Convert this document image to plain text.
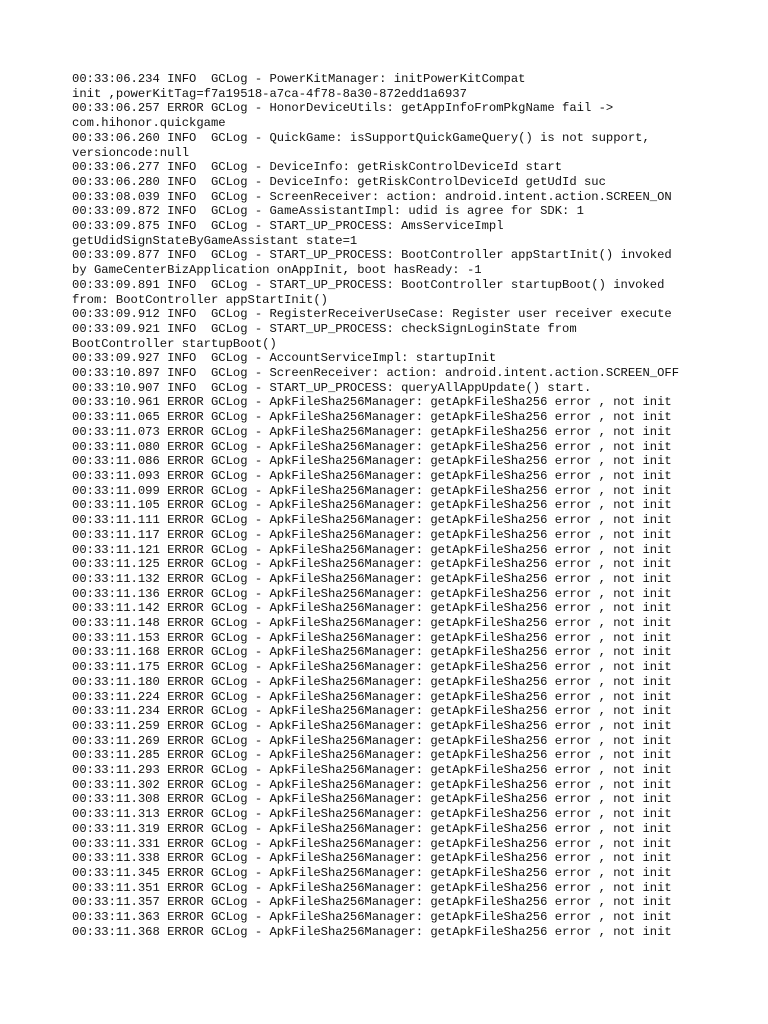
00:33:06.234 INFO  GCLog - PowerKitManager: initPowerKitCompat
init ,powerKitTag=f7a19518-a7ca-4f78-8a30-872edd1a6937
00:33:06.257 ERROR GCLog - HonorDeviceUtils: getAppInfoFromPkgName fail ->
com.hihonor.quickgame
00:33:06.260 INFO  GCLog - QuickGame: isSupportQuickGameQuery() is not support,
versioncode:null
00:33:06.277 INFO  GCLog - DeviceInfo: getRiskControlDeviceId start
00:33:06.280 INFO  GCLog - DeviceInfo: getRiskControlDeviceId getUdId suc
00:33:08.039 INFO  GCLog - ScreenReceiver: action: android.intent.action.SCREEN_ON
00:33:09.872 INFO  GCLog - GameAssistantImpl: udid is agree for SDK: 1
00:33:09.875 INFO  GCLog - START_UP_PROCESS: AmsServiceImpl
getUdidSignStateByGameAssistant state=1
00:33:09.877 INFO  GCLog - START_UP_PROCESS: BootController appStartInit() invoked
by GameCenterBizApplication onAppInit, boot hasReady: -1
00:33:09.891 INFO  GCLog - START_UP_PROCESS: BootController startupBoot() invoked
from: BootController appStartInit()
00:33:09.912 INFO  GCLog - RegisterReceiverUseCase: Register user receiver execute
00:33:09.921 INFO  GCLog - START_UP_PROCESS: checkSignLoginState from
BootController startupBoot()
00:33:09.927 INFO  GCLog - AccountServiceImpl: startupInit
00:33:10.897 INFO  GCLog - ScreenReceiver: action: android.intent.action.SCREEN_OFF
00:33:10.907 INFO  GCLog - START_UP_PROCESS: queryAllAppUpdate() start.
00:33:10.961 ERROR GCLog - ApkFileSha256Manager: getApkFileSha256 error , not init
00:33:11.065 ERROR GCLog - ApkFileSha256Manager: getApkFileSha256 error , not init
00:33:11.073 ERROR GCLog - ApkFileSha256Manager: getApkFileSha256 error , not init
00:33:11.080 ERROR GCLog - ApkFileSha256Manager: getApkFileSha256 error , not init
00:33:11.086 ERROR GCLog - ApkFileSha256Manager: getApkFileSha256 error , not init
00:33:11.093 ERROR GCLog - ApkFileSha256Manager: getApkFileSha256 error , not init
00:33:11.099 ERROR GCLog - ApkFileSha256Manager: getApkFileSha256 error , not init
00:33:11.105 ERROR GCLog - ApkFileSha256Manager: getApkFileSha256 error , not init
00:33:11.111 ERROR GCLog - ApkFileSha256Manager: getApkFileSha256 error , not init
00:33:11.117 ERROR GCLog - ApkFileSha256Manager: getApkFileSha256 error , not init
00:33:11.121 ERROR GCLog - ApkFileSha256Manager: getApkFileSha256 error , not init
00:33:11.125 ERROR GCLog - ApkFileSha256Manager: getApkFileSha256 error , not init
00:33:11.132 ERROR GCLog - ApkFileSha256Manager: getApkFileSha256 error , not init
00:33:11.136 ERROR GCLog - ApkFileSha256Manager: getApkFileSha256 error , not init
00:33:11.142 ERROR GCLog - ApkFileSha256Manager: getApkFileSha256 error , not init
00:33:11.148 ERROR GCLog - ApkFileSha256Manager: getApkFileSha256 error , not init
00:33:11.153 ERROR GCLog - ApkFileSha256Manager: getApkFileSha256 error , not init
00:33:11.168 ERROR GCLog - ApkFileSha256Manager: getApkFileSha256 error , not init
00:33:11.175 ERROR GCLog - ApkFileSha256Manager: getApkFileSha256 error , not init
00:33:11.180 ERROR GCLog - ApkFileSha256Manager: getApkFileSha256 error , not init
00:33:11.224 ERROR GCLog - ApkFileSha256Manager: getApkFileSha256 error , not init
00:33:11.234 ERROR GCLog - ApkFileSha256Manager: getApkFileSha256 error , not init
00:33:11.259 ERROR GCLog - ApkFileSha256Manager: getApkFileSha256 error , not init
00:33:11.269 ERROR GCLog - ApkFileSha256Manager: getApkFileSha256 error , not init
00:33:11.285 ERROR GCLog - ApkFileSha256Manager: getApkFileSha256 error , not init
00:33:11.293 ERROR GCLog - ApkFileSha256Manager: getApkFileSha256 error , not init
00:33:11.302 ERROR GCLog - ApkFileSha256Manager: getApkFileSha256 error , not init
00:33:11.308 ERROR GCLog - ApkFileSha256Manager: getApkFileSha256 error , not init
00:33:11.313 ERROR GCLog - ApkFileSha256Manager: getApkFileSha256 error , not init
00:33:11.319 ERROR GCLog - ApkFileSha256Manager: getApkFileSha256 error , not init
00:33:11.331 ERROR GCLog - ApkFileSha256Manager: getApkFileSha256 error , not init
00:33:11.338 ERROR GCLog - ApkFileSha256Manager: getApkFileSha256 error , not init
00:33:11.345 ERROR GCLog - ApkFileSha256Manager: getApkFileSha256 error , not init
00:33:11.351 ERROR GCLog - ApkFileSha256Manager: getApkFileSha256 error , not init
00:33:11.357 ERROR GCLog - ApkFileSha256Manager: getApkFileSha256 error , not init
00:33:11.363 ERROR GCLog - ApkFileSha256Manager: getApkFileSha256 error , not init
00:33:11.368 ERROR GCLog - ApkFileSha256Manager: getApkFileSha256 error , not init
